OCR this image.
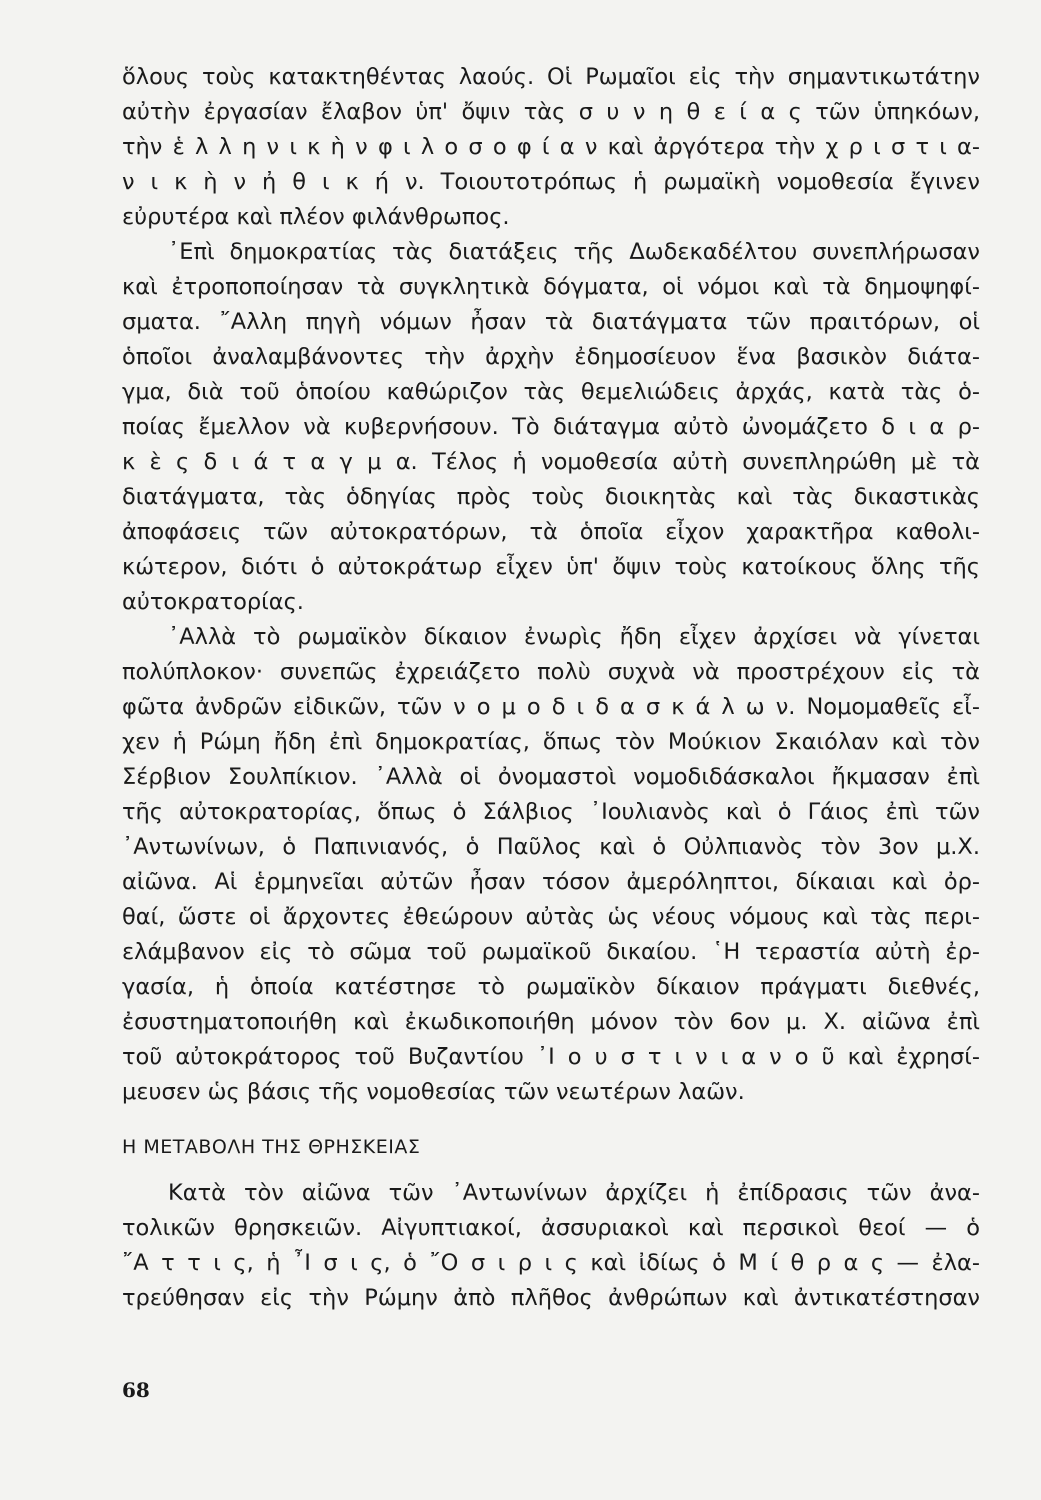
ὅλους τοὺς κατακτηθέντας λαούς. Οἱ Ρωμαῖοι εἰς τὴν σημαντικωτάτην
αὐτὴν ἐργασίαν ἔλαβον ὑπ' ὄψιν τὰς σ υ ν η θ ε ί α ς τῶν ὑπηκόων,
τὴν ἑ λ λ η ν ι κ ὴ ν φ ι λ ο σ ο φ ί α ν καὶ ἀργότερα τὴν χ ρ ι σ τ ι α-
ν ι κ ὴ ν ἠ θ ι κ ή ν. Τοιουτοτρόπως ἡ ρωμαϊκὴ νομοθεσία ἔγινεν
εὐρυτέρα καὶ πλέον φιλάνθρωπος.
᾿Επὶ δημοκρατίας τὰς διατάξεις τῆς Δωδεκαδέλτου συνεπλήρωσαν
καὶ ἐτροποποίησαν τὰ συγκλητικὰ δόγματα, οἱ νόμοι καὶ τὰ δημοψηφί-
σματα. ῎Αλλη πηγὴ νόμων ἦσαν τὰ διατάγματα τῶν πραιτόρων, οἱ
ὁποῖοι ἀναλαμβάνοντες τὴν ἀρχὴν ἐδημοσίευον ἕνα βασικὸν διάτα-
γμα, διὰ τοῦ ὁποίου καθώριζον τὰς θεμελιώδεις ἀρχάς, κατὰ τὰς ὁ-
ποίας ἔμελλον νὰ κυβερνήσουν. Τὸ διάταγμα αὐτὸ ὠνομάζετο δ ι α ρ-
κ ὲ ς δ ι ά τ α γ μ α. Τέλος ἡ νομοθεσία αὐτὴ συνεπληρώθη μὲ τὰ
διατάγματα, τὰς ὁδηγίας πρὸς τοὺς διοικητὰς καὶ τὰς δικαστικὰς
ἀποφάσεις τῶν αὐτοκρατόρων, τὰ ὁποῖα εἶχον χαρακτῆρα καθολι-
κώτερον, διότι ὁ αὐτοκράτωρ εἶχεν ὑπ' ὄψιν τοὺς κατοίκους ὅλης τῆς
αὐτοκρατορίας.
᾿Αλλὰ τὸ ρωμαϊκὸν δίκαιον ἐνωρὶς ἤδη εἶχεν ἀρχίσει νὰ γίνεται
πολύπλοκον· συνεπῶς ἐχρειάζετο πολὺ συχνὰ νὰ προστρέχουν εἰς τὰ
φῶτα ἀνδρῶν εἰδικῶν, τῶν ν ο μ ο δ ι δ α σ κ ά λ ω ν. Νομομαθεῖς εἶ-
χεν ἡ Ρώμη ἤδη ἐπὶ δημοκρατίας, ὅπως τὸν Μούκιον Σκαιόλαν καὶ τὸν
Σέρβιον Σουλπίκιον. ᾿Αλλὰ οἱ ὀνομαστοὶ νομοδιδάσκαλοι ἤκμασαν ἐπὶ
τῆς αὐτοκρατορίας, ὅπως ὁ Σάλβιος ᾿Ιουλιανὸς καὶ ὁ Γάιος ἐπὶ τῶν
᾿Αντωνίνων, ὁ Παπινιανός, ὁ Παῦλος καὶ ὁ Οὐλπιανὸς τὸν 3ον μ.Χ.
αἰῶνα. Αἱ ἑρμηνεῖαι αὐτῶν ἦσαν τόσον ἀμερόληπτοι, δίκαιαι καὶ ὀρ-
θαί, ὥστε οἱ ἄρχοντες ἐθεώρουν αὐτὰς ὡς νέους νόμους καὶ τὰς περι-
ελάμβανον εἰς τὸ σῶμα τοῦ ρωμαϊκοῦ δικαίου. ῾Η τεραστία αὐτὴ ἐρ-
γασία, ἡ ὁποία κατέστησε τὸ ρωμαϊκὸν δίκαιον πράγματι διεθνές,
ἐσυστηματοποιήθη καὶ ἐκωδικοποιήθη μόνον τὸν 6ον μ. Χ. αἰῶνα ἐπὶ
τοῦ αὐτοκράτορος τοῦ Βυζαντίου ᾿Ι ο υ σ τ ι ν ι α ν ο ῦ καὶ ἐχρησί-
μευσεν ὡς βάσις τῆς νομοθεσίας τῶν νεωτέρων λαῶν.
Η ΜΕΤΑΒΟΛΗ ΤΗΣ ΘΡΗΣΚΕΙΑΣ
Κατὰ τὸν αἰῶνα τῶν ᾿Αντωνίνων ἀρχίζει ἡ ἐπίδρασις τῶν ἀνα-
τολικῶν θρησκειῶν. Αἰγυπτιακοί, ἀσσυριακοὶ καὶ περσικοὶ θεοί — ὁ
῎Α τ τ ι ς, ἡ ῏Ι σ ι ς, ὁ ῎Ο σ ι ρ ι ς καὶ ἰδίως ὁ Μ ί θ ρ α ς — ἐλα-
τρεύθησαν εἰς τὴν Ρώμην ἀπὸ πλῆθος ἀνθρώπων καὶ ἀντικατέστησαν
68
